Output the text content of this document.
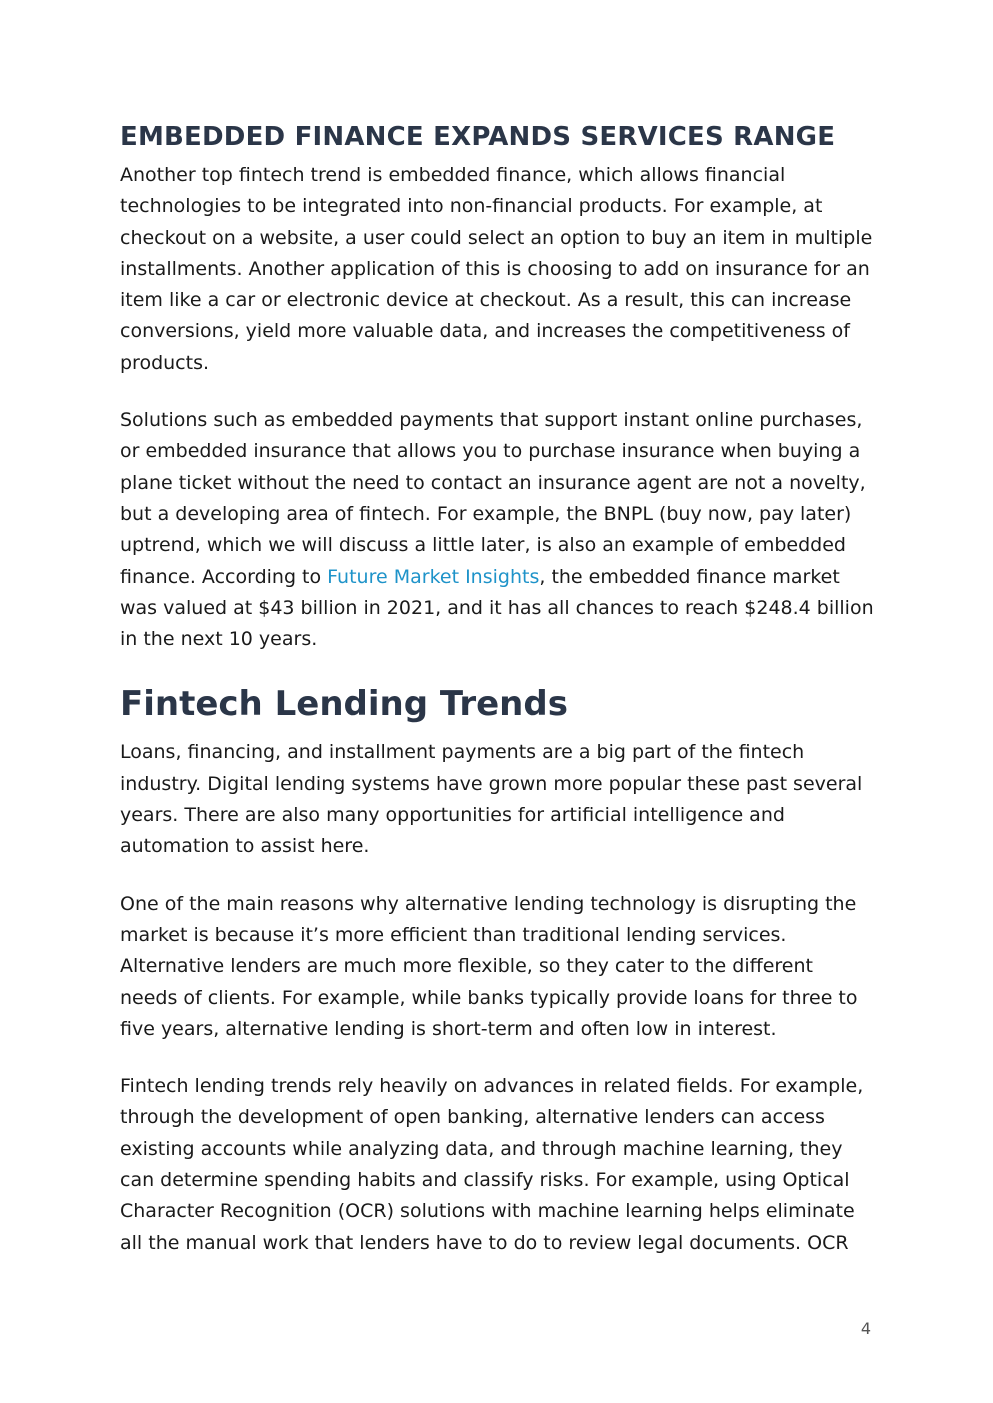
EMBEDDED FINANCE EXPANDS SERVICES RANGE

Another top fintech trend is embedded finance, which allows financial technologies to be integrated into non-financial products. For example, at checkout on a website, a user could select an option to buy an item in multiple installments. Another application of this is choosing to add on insurance for an item like a car or electronic device at checkout. As a result, this can increase conversions, yield more valuable data, and increases the competitiveness of products.

Solutions such as embedded payments that support instant online purchases, or embedded insurance that allows you to purchase insurance when buying a plane ticket without the need to contact an insurance agent are not a novelty, but a developing area of fintech. For example, the BNPL (buy now, pay later) uptrend, which we will discuss a little later, is also an example of embedded finance. According to Future Market Insights, the embedded finance market was valued at $43 billion in 2021, and it has all chances to reach $248.4 billion in the next 10 years.

Fintech Lending Trends

Loans, financing, and installment payments are a big part of the fintech industry. Digital lending systems have grown more popular these past several years. There are also many opportunities for artificial intelligence and automation to assist here.

One of the main reasons why alternative lending technology is disrupting the market is because it’s more efficient than traditional lending services. Alternative lenders are much more flexible, so they cater to the different needs of clients. For example, while banks typically provide loans for three to five years, alternative lending is short-term and often low in interest.

Fintech lending trends rely heavily on advances in related fields. For example, through the development of open banking, alternative lenders can access existing accounts while analyzing data, and through machine learning, they can determine spending habits and classify risks. For example, using Optical Character Recognition (OCR) solutions with machine learning helps eliminate all the manual work that lenders have to do to review legal documents. OCR

4
